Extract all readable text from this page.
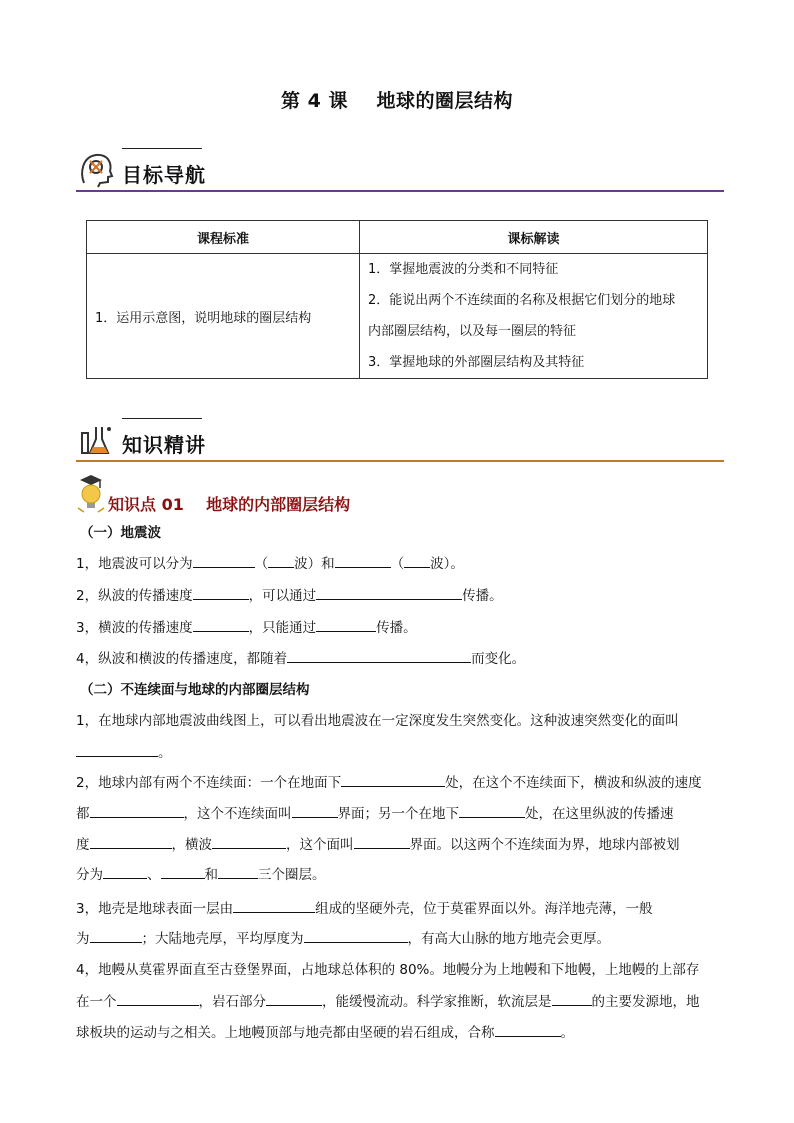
第 4 课    地球的圈层结构
目标导航
课程标准	课标解读
1．运用示意图，说明地球的圈层结构	1．掌握地震波的分类和不同特征
2．能说出两个不连续面的名称及根据它们划分的地球
内部圈层结构，以及每一圈层的特征
3．掌握地球的外部圈层结构及其特征
知识精讲
知识点 01    地球的内部圈层结构
（一）地震波
1，地震波可以分为	（ 波）和	（ 波）。
2，纵波的传播速度	，可以通过	传播。
3，横波的传播速度	，只能通过	传播。
4，纵波和横波的传播速度，都随着	而变化。
（二）不连续面与地球的内部圈层结构
1，在地球内部地震波曲线图上，可以看出地震波在一定深度发生突然变化。这种波速突然变化的面叫
。
2，地球内部有两个不连续面：一个在地面下	处，在这个不连续面下，横波和纵波的速度
都	，这个不连续面叫	界面；另一个在地下	处，在这里纵波的传播速
度	，横波	，这个面叫	界面。以这两个不连续面为界，地球内部被划
分为	、	和	三个圈层。
3，地壳是地球表面一层由	组成的坚硬外壳，位于莫霍界面以外。海洋地壳薄，一般
为	；大陆地壳厚，平均厚度为	，有高大山脉的地方地壳会更厚。
4，地幔从莫霍界面直至古登堡界面，占地球总体积的 80%。地幔分为上地幔和下地幔，上地幔的上部存
在一个	，岩石部分	，能缓慢流动。科学家推断，软流层是	的主要发源地，地
球板块的运动与之相关。上地幔顶部与地壳都由坚硬的岩石组成，合称	。
